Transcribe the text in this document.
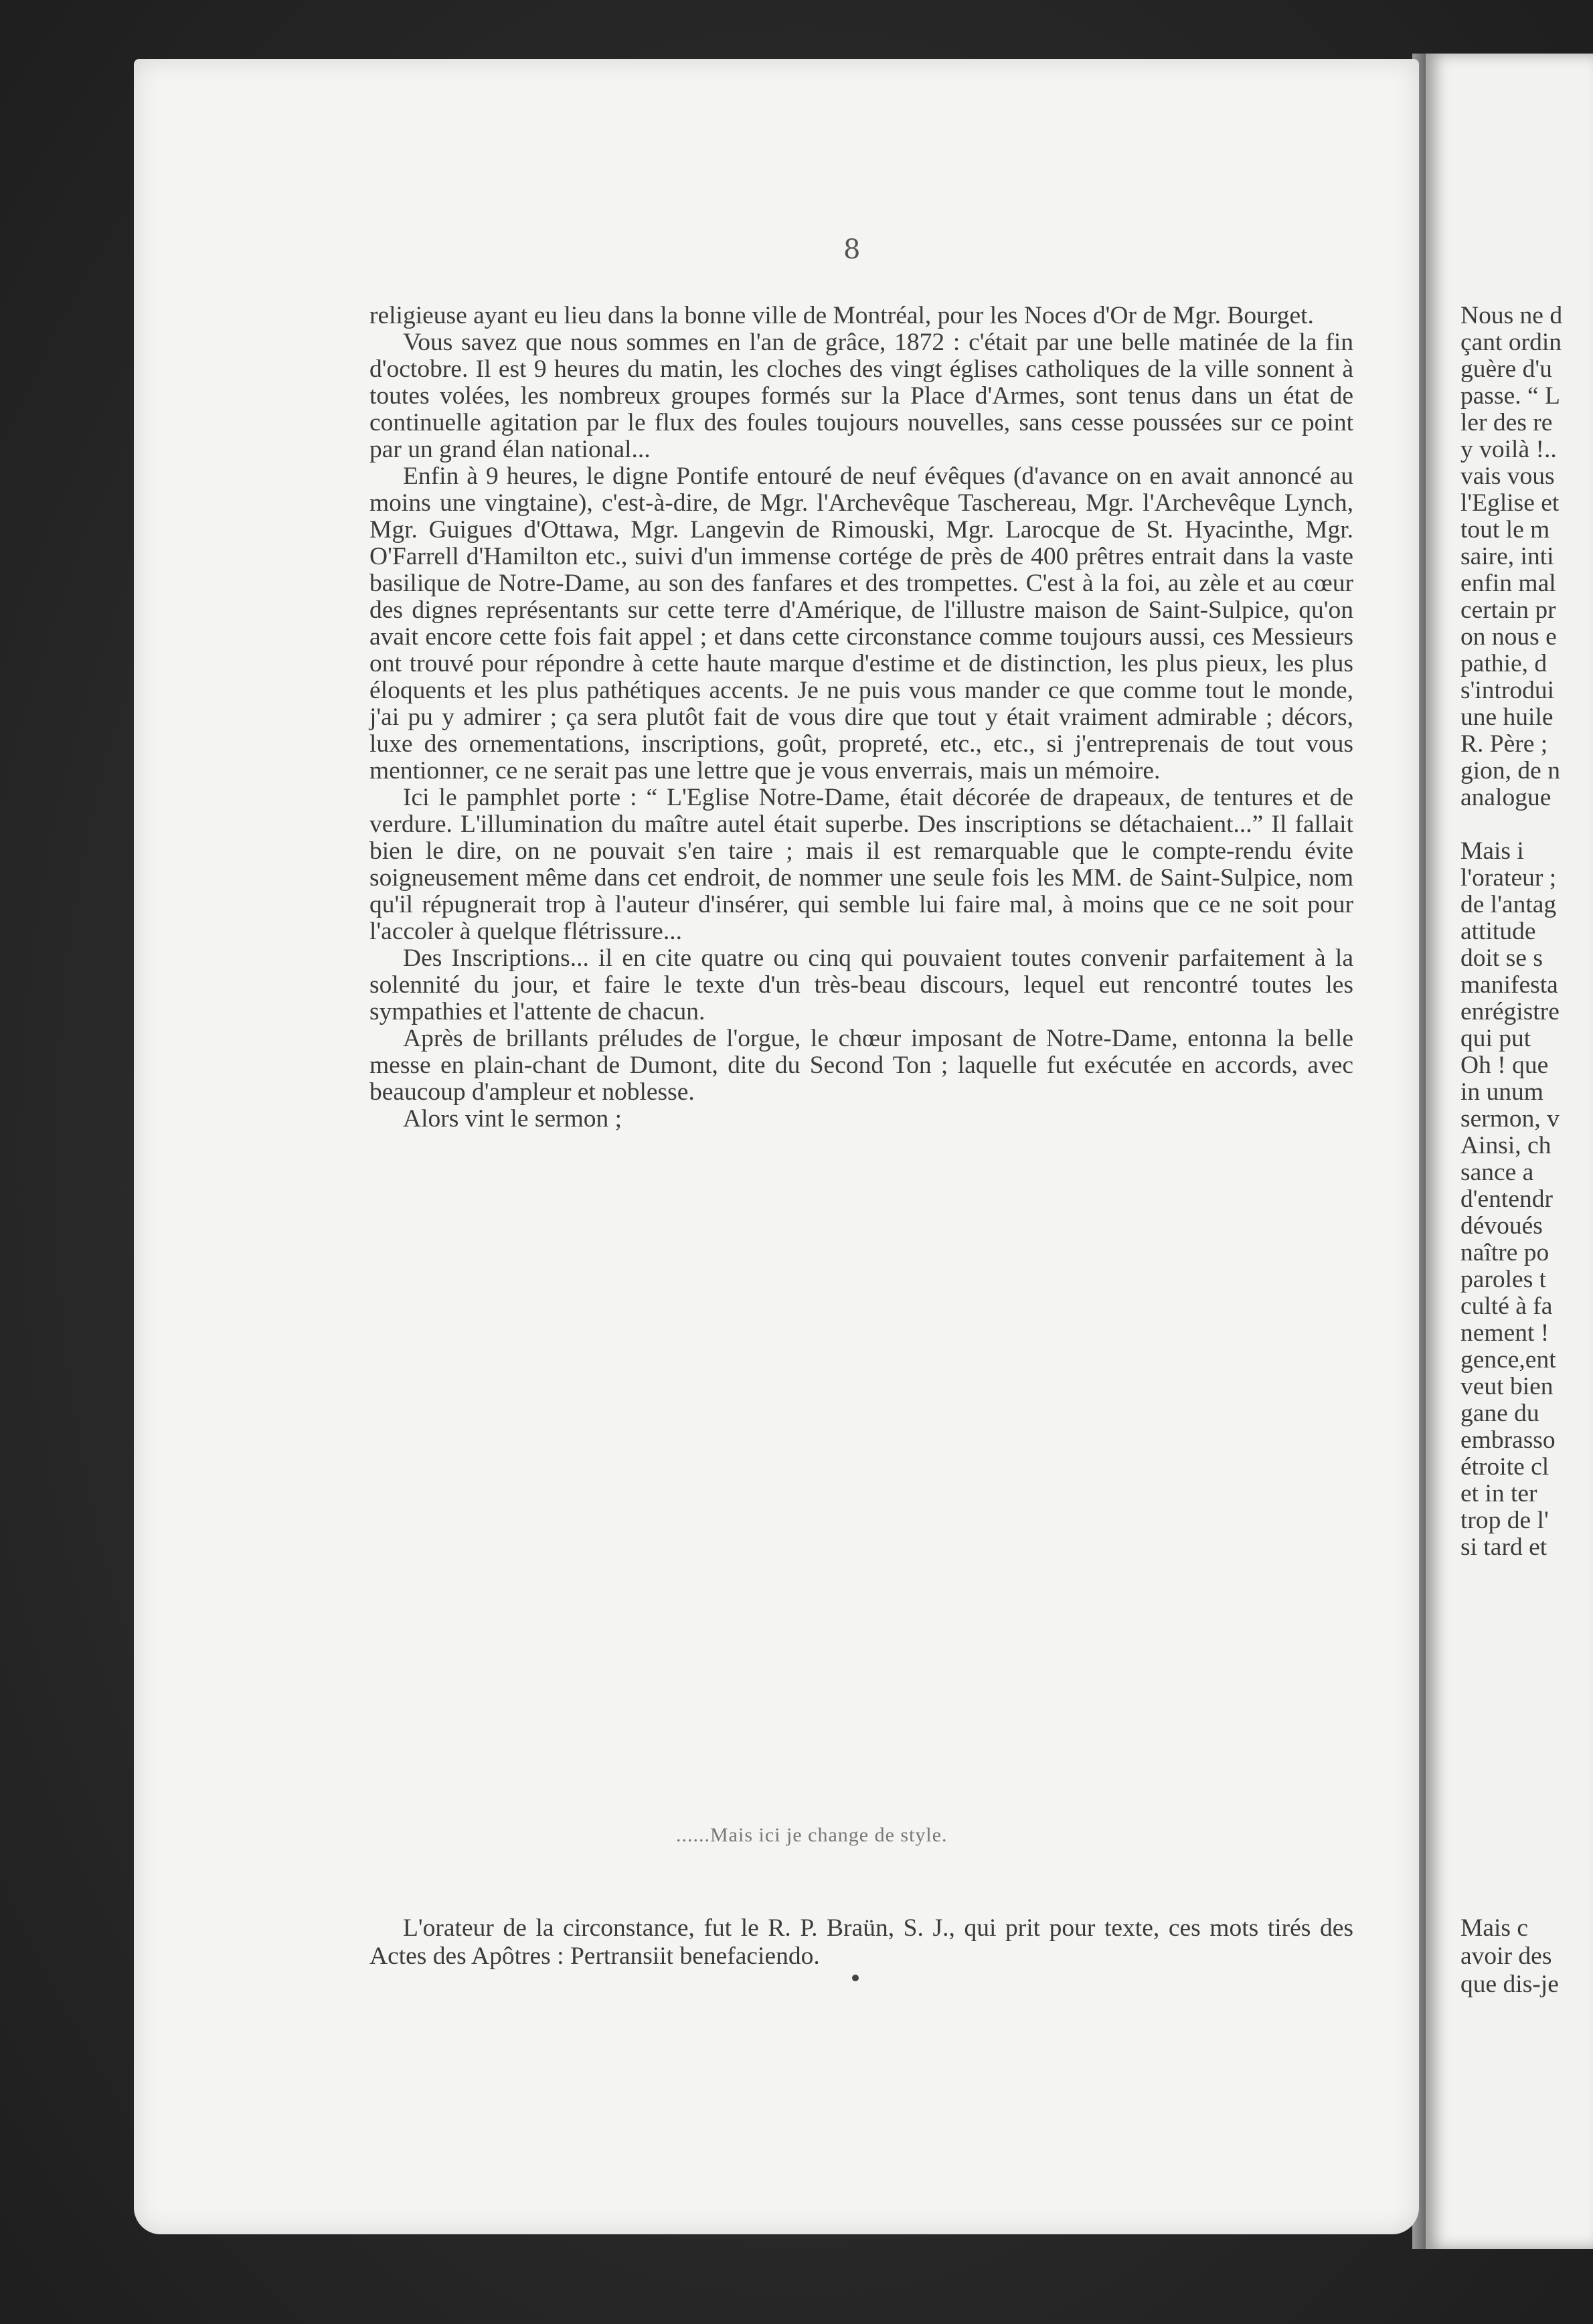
8

religieuse ayant eu lieu dans la bonne ville de Montréal, pour les Noces d'Or de Mgr. Bourget.

Vous savez que nous sommes en l'an de grâce, 1872 : c'était par une belle matinée de la fin d'octobre. Il est 9 heures du matin, les cloches des vingt églises catholiques de la ville sonnent à toutes volées, les nombreux groupes formés sur la Place d'Armes, sont tenus dans un état de continuelle agitation par le flux des foules toujours nouvelles, sans cesse poussées sur ce point par un grand élan national...

Enfin à 9 heures, le digne Pontife entouré de neuf évêques (d'avance on en avait annoncé au moins une vingtaine), c'est-à-dire, de Mgr. l'Archevêque Taschereau, Mgr. l'Archevêque Lynch, Mgr. Guigues d'Ottawa, Mgr. Langevin de Rimouski, Mgr. Larocque de St. Hyacinthe, Mgr. O'Farrell d'Hamilton etc., suivi d'un immense cortége de près de 400 prêtres entrait dans la vaste basilique de Notre-Dame, au son des fanfares et des trompettes. C'est à la foi, au zèle et au cœur des dignes représentants sur cette terre d'Amérique, de l'illustre maison de Saint-Sulpice, qu'on avait encore cette fois fait appel ; et dans cette circonstance comme toujours aussi, ces Messieurs ont trouvé pour répondre à cette haute marque d'estime et de distinction, les plus pieux, les plus éloquents et les plus pathétiques accents. Je ne puis vous mander ce que comme tout le monde, j'ai pu y admirer ; ça sera plutôt fait de vous dire que tout y était vraiment admirable ; décors, luxe des ornementations, inscriptions, goût, propreté, etc., etc., si j'entreprenais de tout vous mentionner, ce ne serait pas une lettre que je vous enverrais, mais un mémoire.

Ici le pamphlet porte : “ L'Eglise Notre-Dame, était décorée de drapeaux, de tentures et de verdure. L'illumination du maître autel était superbe. Des inscriptions se détachaient...” Il fallait bien le dire, on ne pouvait s'en taire ; mais il est remarquable que le compte-rendu évite soigneusement même dans cet endroit, de nommer une seule fois les MM. de Saint-Sulpice, nom qu'il répugnerait trop à l'auteur d'insérer, qui semble lui faire mal, à moins que ce ne soit pour l'accoler à quelque flétrissure...

Des Inscriptions... il en cite quatre ou cinq qui pouvaient toutes convenir parfaitement à la solennité du jour, et faire le texte d'un très-beau discours, lequel eut rencontré toutes les sympathies et l'attente de chacun.

Après de brillants préludes de l'orgue, le chœur imposant de Notre-Dame, entonna la belle messe en plain-chant de Dumont, dite du Second Ton ; laquelle fut exécutée en accords, avec beaucoup d'ampleur et noblesse.

Alors vint le sermon ;

......Mais ici je change de style.

L'orateur de la circonstance, fut le R. P. Braün, S. J., qui prit pour texte, ces mots tirés des Actes des Apôtres : Pertransiit benefaciendo.

Nous ne d
çant ordin
guère d'u
passe. “ L
ler des re
y voilà !..
vais vous
l'Eglise et
tout le m
saire, inti
enfin mal
certain pr
on nous e
pathie, d
s'introdui
une huile
R. Père ;
gion, de n
analogue
Mais i
l'orateur ;
de l'antag
attitude
doit se s
manifesta
enrégistre
qui put
Oh ! que
in unum
sermon, v
Ainsi, ch
sance a
d'entendr
dévoués
naître po
paroles t
culté à fa
nement !
gence,ent
veut bien
gane du
embrasso
étroite cl
et in ter
trop de l'
si tard et
Mais c
avoir des
que dis-je
